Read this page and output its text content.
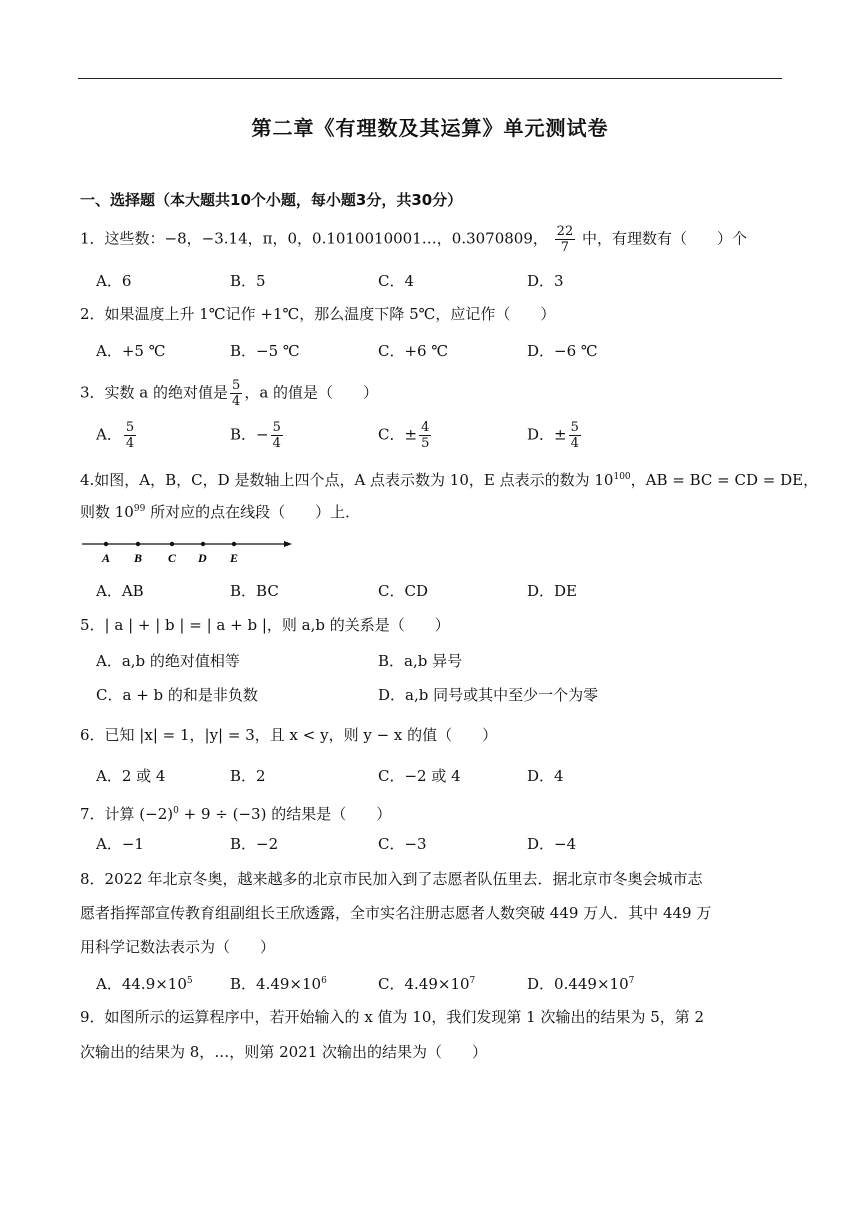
第二章《有理数及其运算》单元测试卷
一、选择题（本大题共10个小题，每小题3分，共30分）
1．这些数：−8，−3.14，π，0，0.1010010001…，0.3070809， $\frac{22}{7}$ 中，有理数有（　　）个
A．6	B．5	C．4	D．3
2．如果温度上升 1℃记作 +1℃，那么温度下降 5℃，应记作（　　）
A．+5 ℃	B．−5 ℃	C．+6 ℃	D．−6 ℃
3．实数 a 的绝对值是 $\frac{5}{4}$ ，a 的值是（　　）
A． $\frac{5}{4}$	B．− $\frac{5}{4}$	C．± $\frac{4}{5}$	D．± $\frac{5}{4}$
4.如图，A，B，C，D 是数轴上四个点，A 点表示数为 10，E 点表示的数为 $10^{100}$，AB = BC = CD = DE，
则数 $10^{99}$ 所对应的点在线段（　　）上．
A B C D E
A．AB	B．BC	C．CD	D．DE
5．| a | + | b | = | a + b |，则 a,b 的关系是（　　）
A．a,b 的绝对值相等	B．a,b 异号
C．a + b 的和是非负数	D．a,b 同号或其中至少一个为零
6．已知 |x| = 1，|y| = 3，且 x < y，则 y − x 的值（　　）
A．2 或 4	B．2	C．−2 或 4	D．4
7．计算 $(-2)^0 + 9 \div (-3)$ 的结果是（　　）
A．−1	B．−2	C．−3	D．−4
8．2022 年北京冬奥，越来越多的北京市民加入到了志愿者队伍里去．据北京市冬奥会城市志
愿者指挥部宣传教育组副组长王欣透露，全市实名注册志愿者人数突破 449 万人．其中 449 万
用科学记数法表示为（　　）
A．$44.9\times 10^5$ B．$4.49\times 10^6$	C．$4.49\times 10^7$	D．$0.449\times 10^7$
9．如图所示的运算程序中，若开始输入的 x 值为 10，我们发现第 1 次输出的结果为 5，第 2
次输出的结果为 8，…，则第 2021 次输出的结果为（　　）
